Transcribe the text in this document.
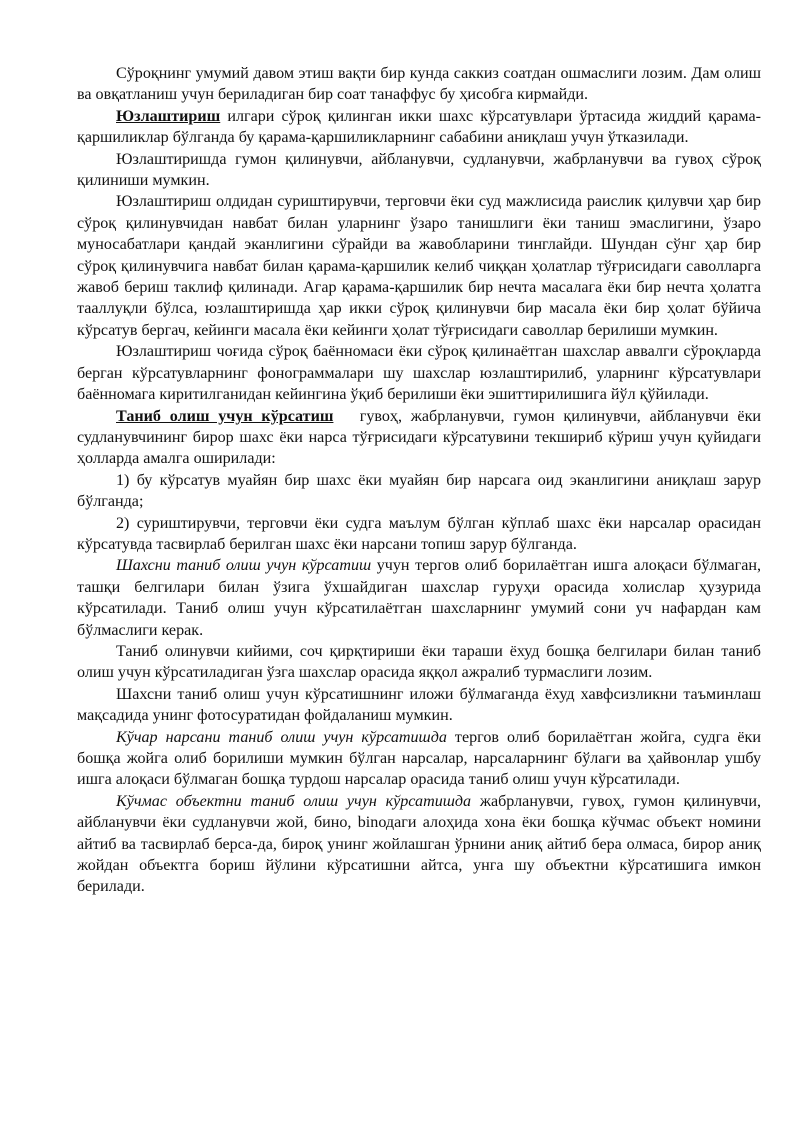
Сўроқнинг умумий давом этиш вақти бир кунда саккиз соатдан ошмаслиги лозим. Дам олиш ва овқатланиш учун бериладиган бир соат танаффус бу ҳисобга кирмайди.

Юзлаштириш илгари сўроқ қилинган икки шахс кўрсатувлари ўртасида жиддий қарама-қаршиликлар бўлганда бу қарама-қаршиликларнинг сабабини аниқлаш учун ўтказилади.

Юзлаштиришда гумон қилинувчи, айбланувчи, судланувчи, жабрланувчи ва гувоҳ сўроқ қилиниши мумкин.

Юзлаштириш олдидан суриштирувчи, терговчи ёки суд мажлисида раислик қилувчи ҳар бир сўроқ қилинувчидан навбат билан уларнинг ўзаро танишлиги ёки таниш эмаслигини, ўзаро муносабатлари қандай эканлигини сўрайди ва жавобларини тинглайди. Шундан сўнг ҳар бир сўроқ қилинувчига навбат билан қарама-қаршилик келиб чиққан ҳолатлар тўғрисидаги саволларга жавоб бериш таклиф қилинади. Агар қарама-қаршилик бир нечта масалага ёки бир нечта ҳолатга тааллуқли бўлса, юзлаштиришда ҳар икки сўроқ қилинувчи бир масала ёки бир ҳолат бўйича кўрсатув бергач, кейинги масала ёки кейинги ҳолат тўғрисидаги саволлар берилиши мумкин.

Юзлаштириш чоғида сўроқ баённомаси ёки сўроқ қилинаётган шахслар аввалги сўроқларда берган кўрсатувларнинг фонограммалари шу шахслар юзлаштирилиб, уларнинг кўрсатувлари баённомага киритилганидан кейингина ўқиб берилиши ёки эшиттирилишига йўл қўйилади.

Таниб олиш учун кўрсатиш   гувоҳ, жабрланувчи, гумон қилинувчи, айбланувчи ёки судланувчининг бирор шахс ёки нарса тўғрисидаги кўрсатувини текшириб кўриш учун қуйидаги ҳолларда амалга оширилади:

1) бу кўрсатув муайян бир шахс ёки муайян бир нарсага оид эканлигини аниқлаш зарур бўлганда;

2) суриштирувчи, терговчи ёки судга маълум бўлган кўплаб шахс ёки нарсалар орасидан кўрсатувда тасвирлаб берилган шахс ёки нарсани топиш зарур бўлганда.

Шахсни таниб олиш учун кўрсатиш учун тергов олиб борилаётган ишга алоқаси бўлмаган, ташқи белгилари билан ўзига ўхшайдиган шахслар гуруҳи орасида холислар ҳузурида кўрсатилади. Таниб олиш учун кўрсатилаётган шахсларнинг умумий сони уч нафардан кам бўлмаслиги керак.

Таниб олинувчи кийими, соч қирқтириши ёки тараши ёхуд бошқа белгилари билан таниб олиш учун кўрсатиладиган ўзга шахслар орасида яққол ажралиб турмаслиги лозим.

Шахсни таниб олиш учун кўрсатишнинг иложи бўлмаганда ёхуд хавфсизликни таъминлаш мақсадида унинг фотосуратидан фойдаланиш мумкин.

Кўчар нарсани таниб олиш учун кўрсатишда тергов олиб борилаётган жойга, судга ёки бошқа жойга олиб борилиши мумкин бўлган нарсалар, нарсаларнинг бўлаги ва ҳайвонлар ушбу ишга алоқаси бўлмаган бошқа турдош нарсалар орасида таниб олиш учун кўрсатилади.

Кўчмас объектни таниб олиш учун кўрсатишда жабрланувчи, гувоҳ, гумон қилинувчи, айбланувчи ёки судланувчи жой, бино, binодаги алоҳида хона ёки бошқа кўчмас объект номини айтиб ва тасвирлаб берса-да, бироқ унинг жойлашган ўрнини аниқ айтиб бера олмаса, бирор аниқ жойдан объектга бориш йўлини кўрсатишни айтса, унга шу объектни кўрсатишига имкон берилади.
